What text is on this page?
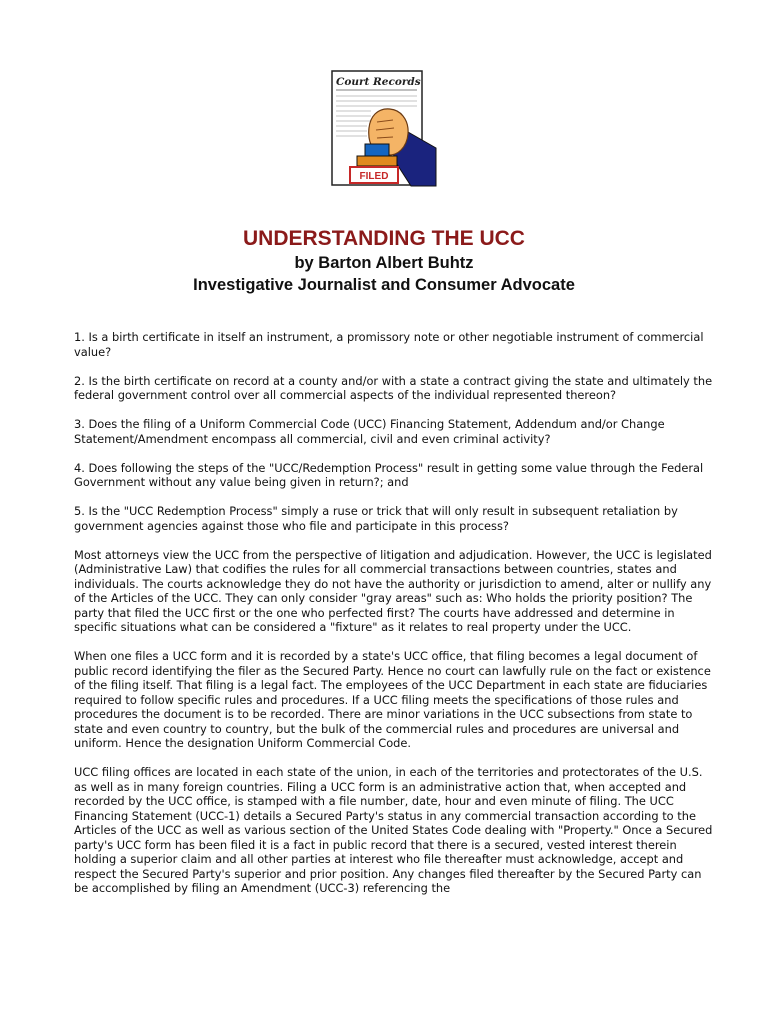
Court Records
FILED
UNDERSTANDING THE UCC

by Barton Albert Buhtz

Investigative Journalist and Consumer Advocate

1. Is a birth certificate in itself an instrument, a promissory note or other negotiable instrument of commercial value?

2. Is the birth certificate on record at a county and/or with a state a contract giving the state and ultimately the federal government control over all commercial aspects of the individual represented thereon?

3. Does the filing of a Uniform Commercial Code (UCC) Financing Statement, Addendum and/or Change Statement/Amendment encompass all commercial, civil and even criminal activity?

4. Does following the steps of the "UCC/Redemption Process" result in getting some value through the Federal Government without any value being given in return?; and

5. Is the "UCC Redemption Process" simply a ruse or trick that will only result in subsequent retaliation by government agencies against those who file and participate in this process?

Most attorneys view the UCC from the perspective of litigation and adjudication. However, the UCC is legislated (Administrative Law) that codifies the rules for all commercial transactions between countries, states and individuals. The courts acknowledge they do not have the authority or jurisdiction to amend, alter or nullify any of the Articles of the UCC. They can only consider "gray areas" such as: Who holds the priority position? The party that filed the UCC first or the one who perfected first? The courts have addressed and determine in specific situations what can be considered a "fixture" as it relates to real property under the UCC.

When one files a UCC form and it is recorded by a state's UCC office, that filing becomes a legal document of public record identifying the filer as the Secured Party. Hence no court can lawfully rule on the fact or existence of the filing itself. That filing is a legal fact. The employees of the UCC Department in each state are fiduciaries required to follow specific rules and procedures. If a UCC filing meets the specifications of those rules and procedures the document is to be recorded. There are minor variations in the UCC subsections from state to state and even country to country, but the bulk of the commercial rules and procedures are universal and uniform. Hence the designation Uniform Commercial Code.

UCC filing offices are located in each state of the union, in each of the territories and protectorates of the U.S. as well as in many foreign countries. Filing a UCC form is an administrative action that, when accepted and recorded by the UCC office, is stamped with a file number, date, hour and even minute of filing. The UCC Financing Statement (UCC-1) details a Secured Party's status in any commercial transaction according to the Articles of the UCC as well as various section of the United States Code dealing with "Property." Once a Secured party's UCC form has been filed it is a fact in public record that there is a secured, vested interest therein holding a superior claim and all other parties at interest who file thereafter must acknowledge, accept and respect the Secured Party's superior and prior position. Any changes filed thereafter by the Secured Party can be accomplished by filing an Amendment (UCC-3) referencing the
